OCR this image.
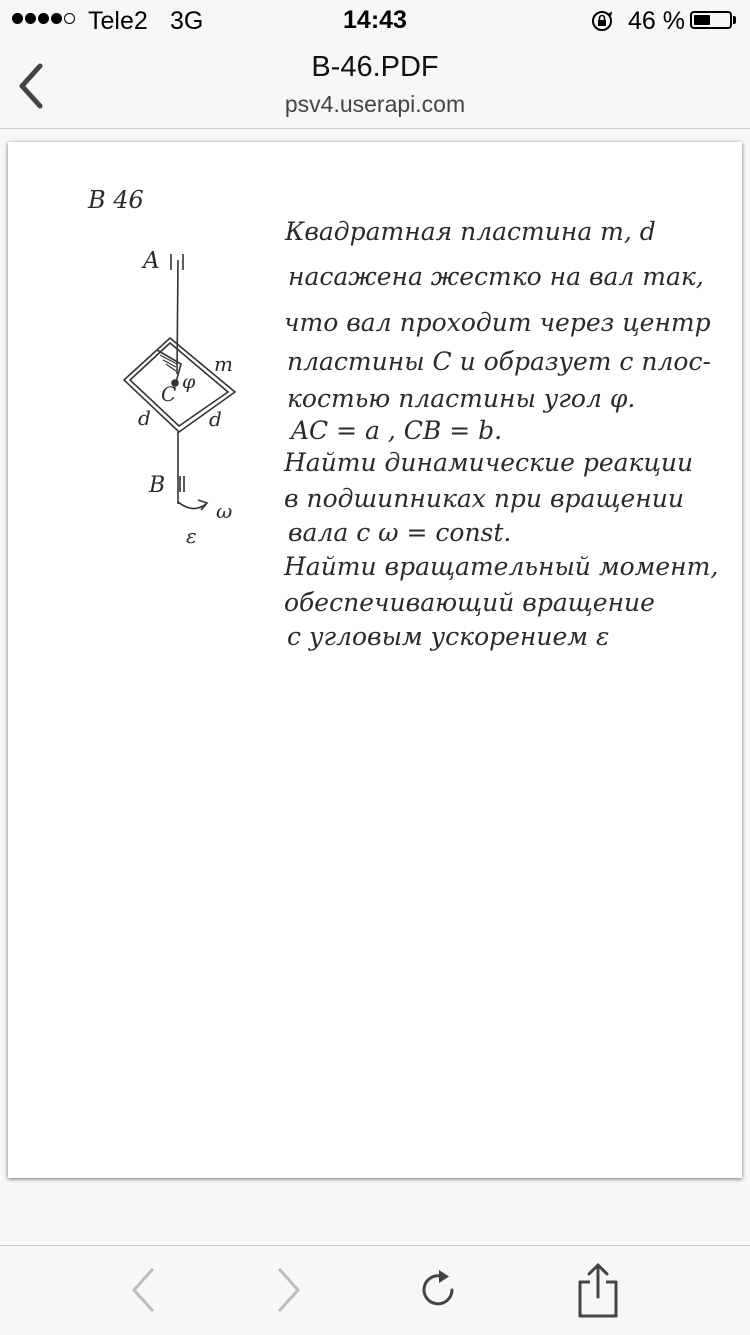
Tele2 3G	14:43	46 %
B-46.PDF
psv4.userapi.com
B 46
A
C φ
m
d	d
B
ω
ε
Квадратная пластина m, d
насажена жестко на вал так,
что вал проходит через центр
пластины C и образует с плос-
костью пластины угол φ.
AC = a , CB = b.
Найти динамические реакции
в подшипниках при вращении
вала с ω = const.
Найти вращательный момент,
обеспечивающий вращение
с угловым ускорением ε
